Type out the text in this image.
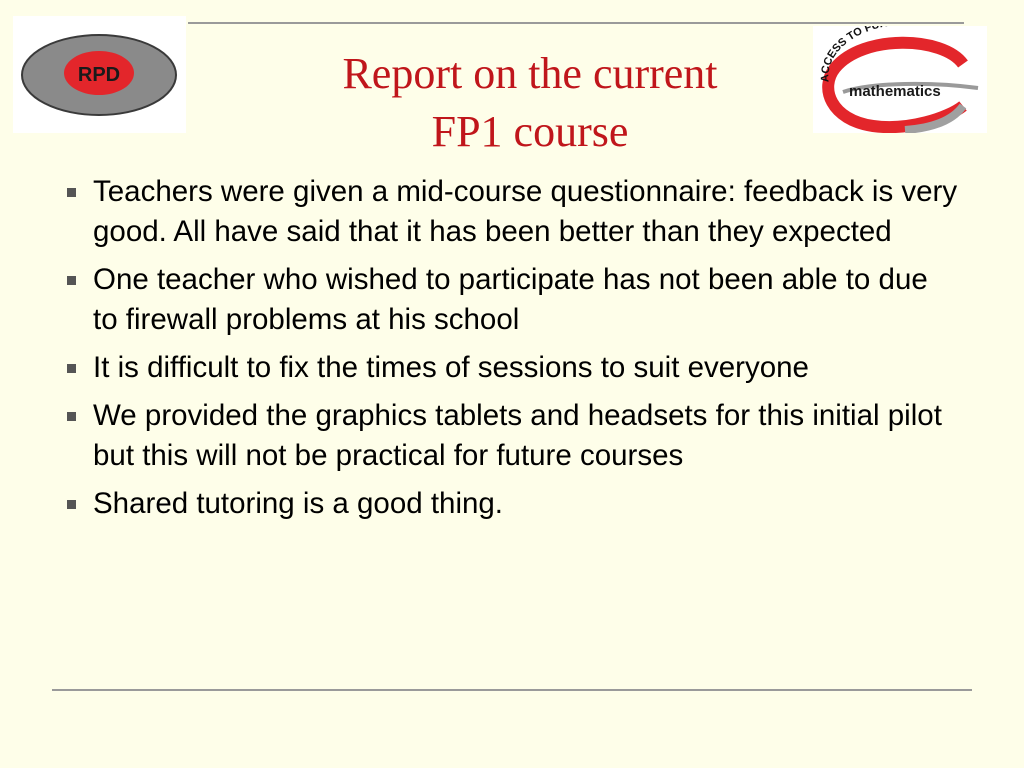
RPD	ACCESS TO F
mathematics
Report on the current
FP1 course
Teachers were given a mid-course questionnaire: feedback is very good. All have said that it has been better than they expected
One teacher who wished to participate has not been able to due to firewall problems at his school
It is difficult to fix the times of sessions to suit everyone
We provided the graphics tablets and headsets for this initial pilot but this will not be practical for future courses
Shared tutoring is a good thing.
